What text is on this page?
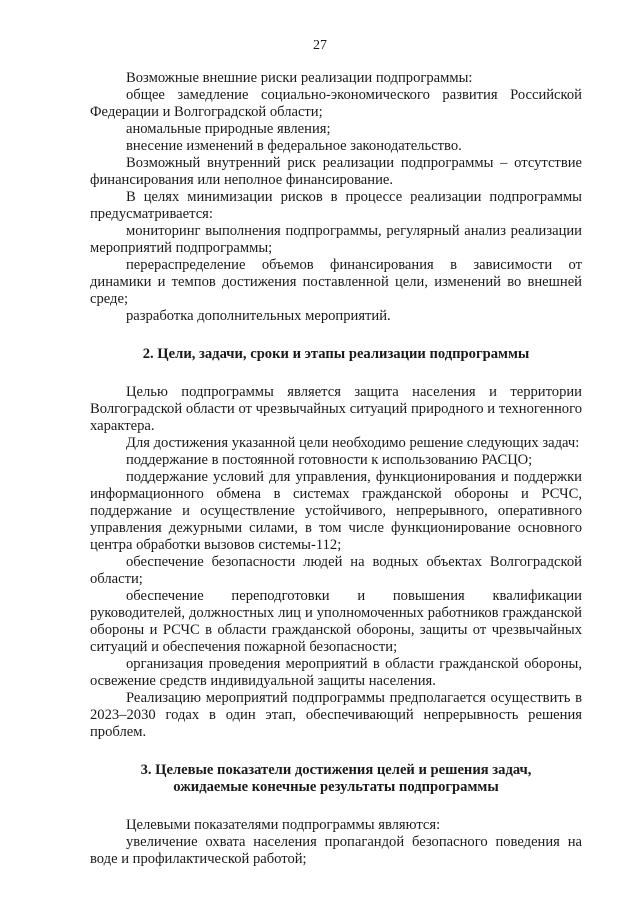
27

Возможные внешние риски реализации подпрограммы:

общее замедление социально-экономического развития Российской Федерации и Волгоградской области;

аномальные природные явления;

внесение изменений в федеральное законодательство.

Возможный внутренний риск реализации подпрограммы – отсутствие финансирования или неполное финансирование.

В целях минимизации рисков в процессе реализации подпрограммы предусматривается:

мониторинг выполнения подпрограммы, регулярный анализ реализации мероприятий подпрограммы;

перераспределение объемов финансирования в зависимости от динамики и темпов достижения поставленной цели, изменений во внешней среде;

разработка дополнительных мероприятий.

2. Цели, задачи, сроки и этапы реализации подпрограммы

Целью подпрограммы является защита населения и территории Волгоградской области от чрезвычайных ситуаций природного и техногенного характера.

Для достижения указанной цели необходимо решение следующих задач:

поддержание в постоянной готовности к использованию РАСЦО;

поддержание условий для управления, функционирования и поддержки информационного обмена в системах гражданской обороны и РСЧС, поддержание и осуществление устойчивого, непрерывного, оперативного управления дежурными силами, в том числе функционирование основного центра обработки вызовов системы-112;

обеспечение безопасности людей на водных объектах Волгоградской области;

обеспечение переподготовки и повышения квалификации руководителей, должностных лиц и уполномоченных работников гражданской обороны и РСЧС в области гражданской обороны, защиты от чрезвычайных ситуаций и обеспечения пожарной безопасности;

организация проведения мероприятий в области гражданской обороны, освежение средств индивидуальной защиты населения.

Реализацию мероприятий подпрограммы предполагается осуществить в 2023–2030 годах в один этап, обеспечивающий непрерывность решения проблем.

3. Целевые показатели достижения целей и решения задач,
ожидаемые конечные результаты подпрограммы

Целевыми показателями подпрограммы являются:

увеличение охвата населения пропагандой безопасного поведения на воде и профилактической работой;
